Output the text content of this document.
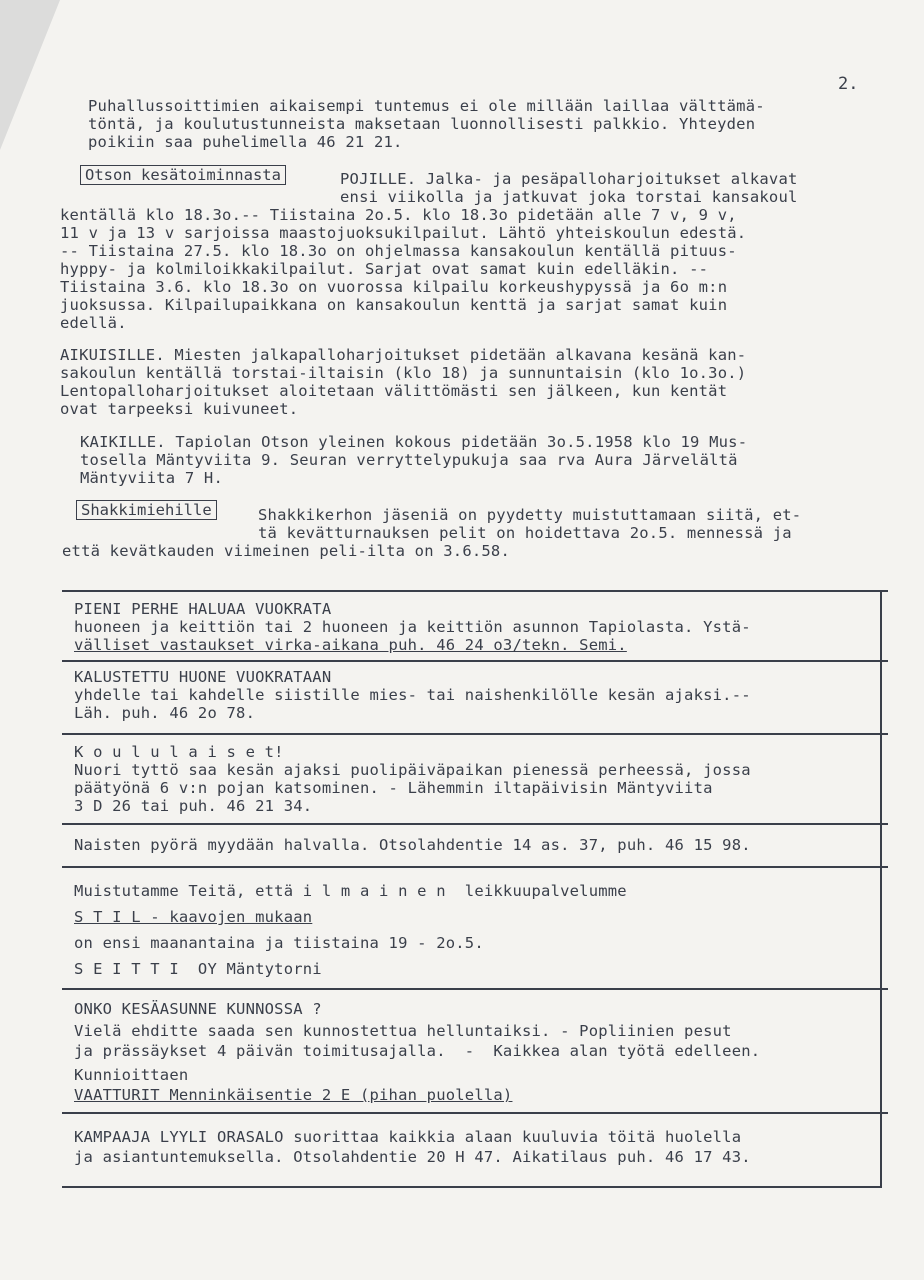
2.
Puhallussoittimien aikaisempi tuntemus ei ole millään laillaa välttämä-
töntä, ja koulutustunneista maksetaan luonnollisesti palkkio. Yhteyden
poikiin saa puhelimella 46 21 21.
Otson kesätoiminnasta	POJILLE. Jalka- ja pesäpalloharjoitukset alkavat
ensi viikolla ja jatkuvat joka torstai kansakoul
kentällä klo 18.3o.-- Tiistaina 2o.5. klo 18.3o pidetään alle 7 v, 9 v,
11 v ja 13 v sarjoissa maastojuoksukilpailut. Lähtö yhteiskoulun edestä.
-- Tiistaina 27.5. klo 18.3o on ohjelmassa kansakoulun kentällä pituus-
hyppy- ja kolmiloikkakilpailut. Sarjat ovat samat kuin edelläkin. --
Tiistaina 3.6. klo 18.3o on vuorossa kilpailu korkeushypyssä ja 6o m:n
juoksussa. Kilpailupaikkana on kansakoulun kenttä ja sarjat samat kuin
edellä.
AIKUISILLE. Miesten jalkapalloharjoitukset pidetään alkavana kesänä kan-
sakoulun kentällä torstai-iltaisin (klo 18) ja sunnuntaisin (klo 1o.3o.)
Lentopalloharjoitukset aloitetaan välittömästi sen jälkeen, kun kentät
ovat tarpeeksi kuivuneet.
KAIKILLE. Tapiolan Otson yleinen kokous pidetään 3o.5.1958 klo 19 Mus-
tosella Mäntyviita 9. Seuran verryttelypukuja saa rva Aura Järvelältä
Mäntyviita 7 H.
Shakkimiehille	Shakkikerhon jäseniä on pyydetty muistuttamaan siitä, et-
tä kevätturnauksen pelit on hoidettava 2o.5. mennessä ja
että kevätkauden viimeinen peli-ilta on 3.6.58.
PIENI PERHE HALUAA VUOKRATA
huoneen ja keittiön tai 2 huoneen ja keittiön asunnon Tapiolasta. Ystä-
välliset vastaukset virka-aikana puh. 46 24 o3/tekn. Semi.
KALUSTETTU HUONE VUOKRATAAN
yhdelle tai kahdelle siistille mies- tai naishenkilölle kesän ajaksi.--
Läh. puh. 46 2o 78.
K o u l u l a i s e t!
Nuori tyttö saa kesän ajaksi puolipäiväpaikan pienessä perheessä, jossa
päätyönä 6 v:n pojan katsominen. - Lähemmin iltapäivisin Mäntyviita
3 D 26 tai puh. 46 21 34.
Naisten pyörä myydään halvalla. Otsolahdentie 14 as. 37, puh. 46 15 98.
Muistutamme Teitä, että i l m a i n e n  leikkuupalvelumme
S T I L - kaavojen mukaan
on ensi maanantaina ja tiistaina 19 - 2o.5.
S E I T T I  OY Mäntytorni
ONKO KESÄASUNNE KUNNOSSA ?
Vielä ehditte saada sen kunnostettua helluntaiksi. - Popliinien pesut
ja prässäykset 4 päivän toimitusajalla.  -  Kaikkea alan työtä edelleen.
Kunnioittaen
VAATTURIT Menninkäisentie 2 E (pihan puolella)
KAMPAAJA LYYLI ORASALO suorittaa kaikkia alaan kuuluvia töitä huolella
ja asiantuntemuksella. Otsolahdentie 20 H 47. Aikatilaus puh. 46 17 43.
